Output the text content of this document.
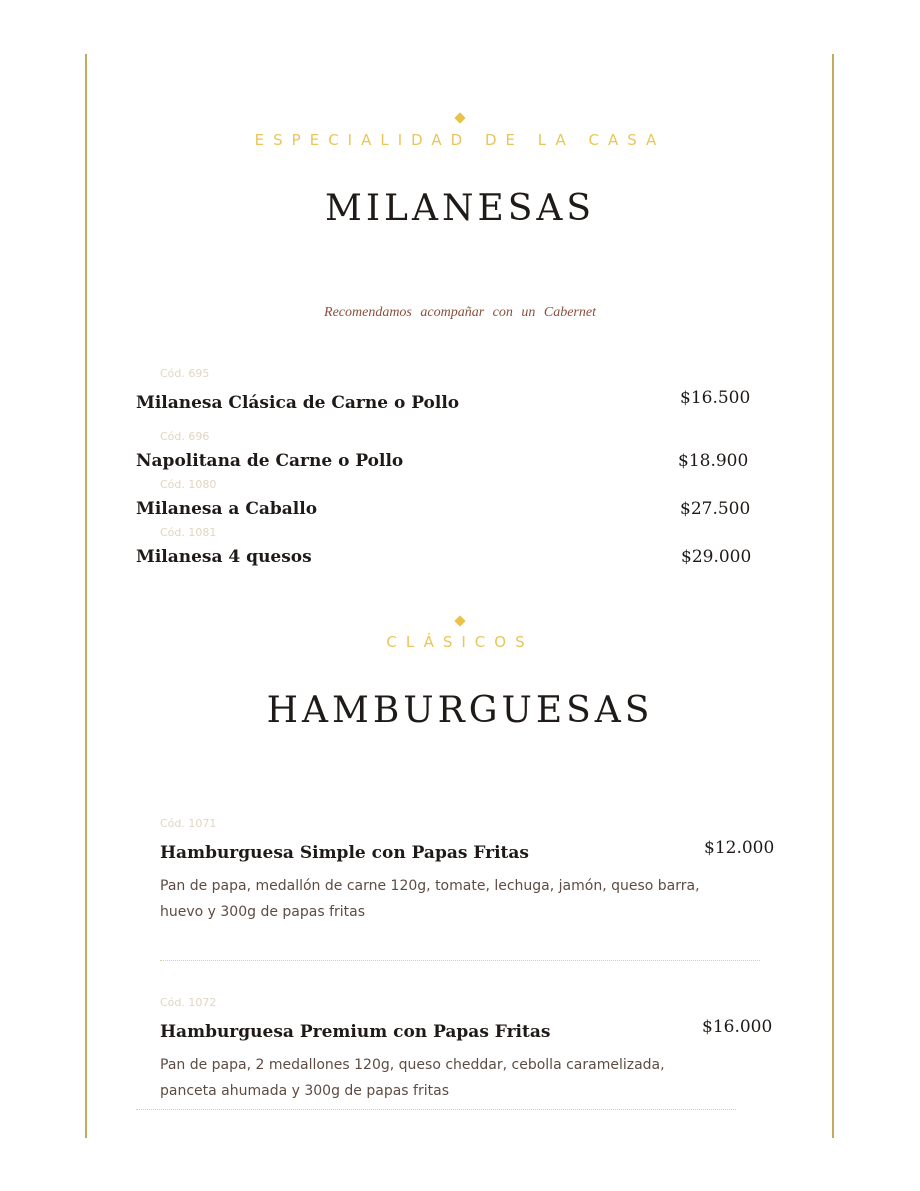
ESPECIALIDAD DE LA CASA
MILANESAS
Recomendamos acompañar con un Cabernet
Cód. 695
Milanesa Clásica de Carne o Pollo	$16.500
Cód. 696
Napolitana de Carne o Pollo	$18.900
Cód. 1080
Milanesa a Caballo	$27.500
Cód. 1081
Milanesa 4 quesos	$29.000
CLÁSICOS
HAMBURGUESAS
Cód. 1071
Hamburguesa Simple con Papas Fritas	$12.000
Pan de papa, medallón de carne 120g, tomate, lechuga, jamón, queso barra,
huevo y 300g de papas fritas
Cód. 1072
Hamburguesa Premium con Papas Fritas	$16.000
Pan de papa, 2 medallones 120g, queso cheddar, cebolla caramelizada,
panceta ahumada y 300g de papas fritas
